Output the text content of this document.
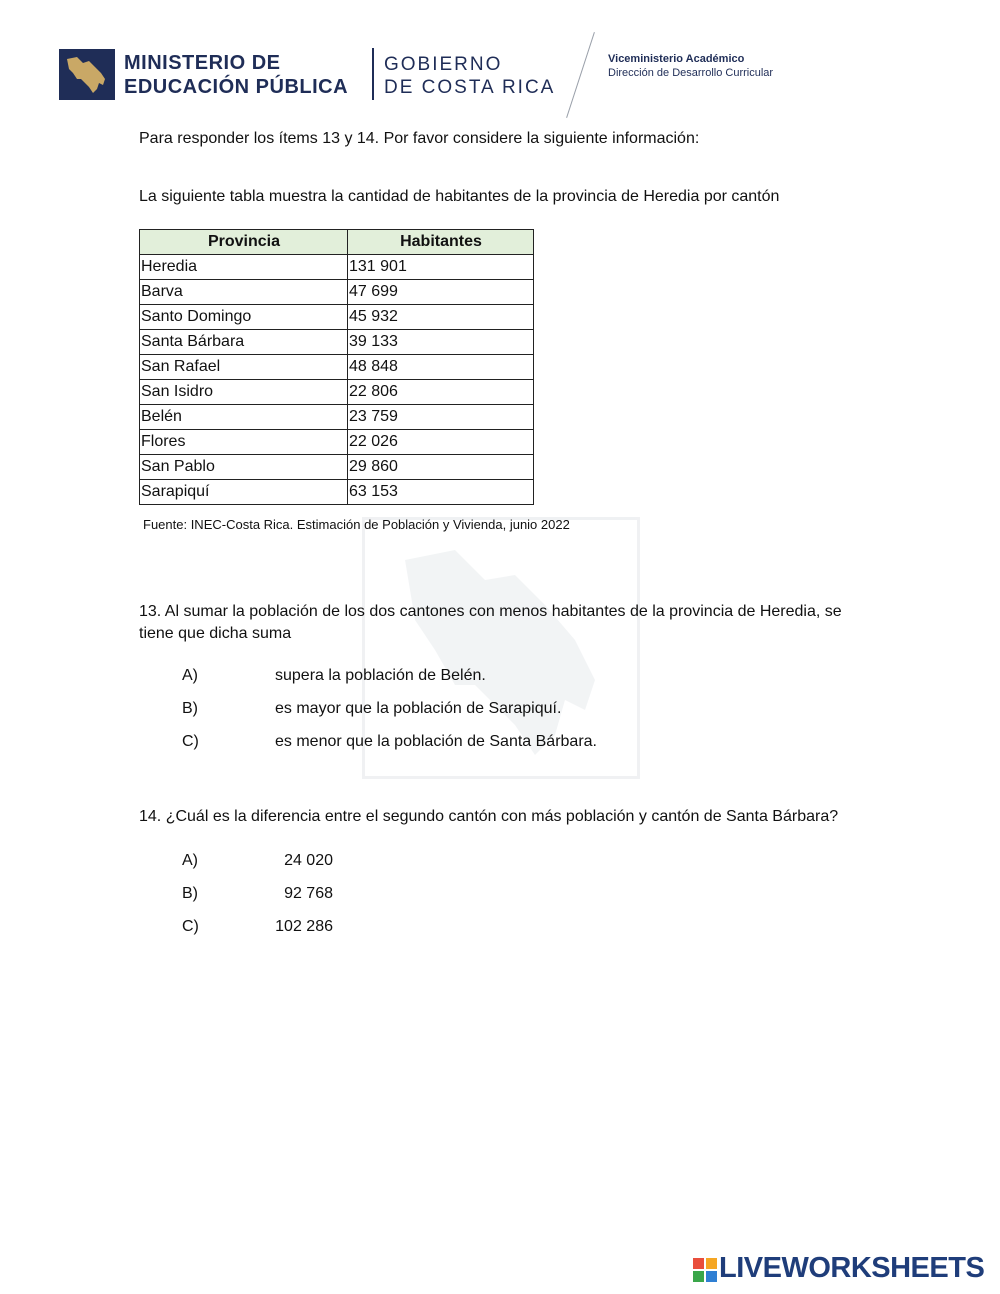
MINISTERIO DE
EDUCACIÓN PÚBLICA
GOBIERNO
DE COSTA RICA
Viceministerio Académico
Dirección de Desarrollo Curricular
Para responder los ítems 13 y 14. Por favor considere la siguiente información:
La siguiente tabla muestra la cantidad de habitantes de la provincia de Heredia por cantón
Provincia	Habitantes
Heredia	131 901
Barva	47 699
Santo Domingo	45 932
Santa Bárbara	39 133
San Rafael	48 848
San Isidro	22 806
Belén	23 759
Flores	22 026
San Pablo	29 860
Sarapiquí	63 153
Fuente: INEC-Costa Rica. Estimación de Población y Vivienda, junio 2022
13. Al sumar la población de los dos cantones con menos habitantes de la provincia de Heredia, se
tiene que dicha suma
A)	supera la población de Belén.
B)	es mayor que la población de Sarapiquí.
C)	es menor que la población de Santa Bárbara.
14. ¿Cuál es la diferencia entre el segundo cantón con más población y cantón de Santa Bárbara?
A)	24 020
B)	92 768
C)	102 286
LIVEWORKSHEETS
